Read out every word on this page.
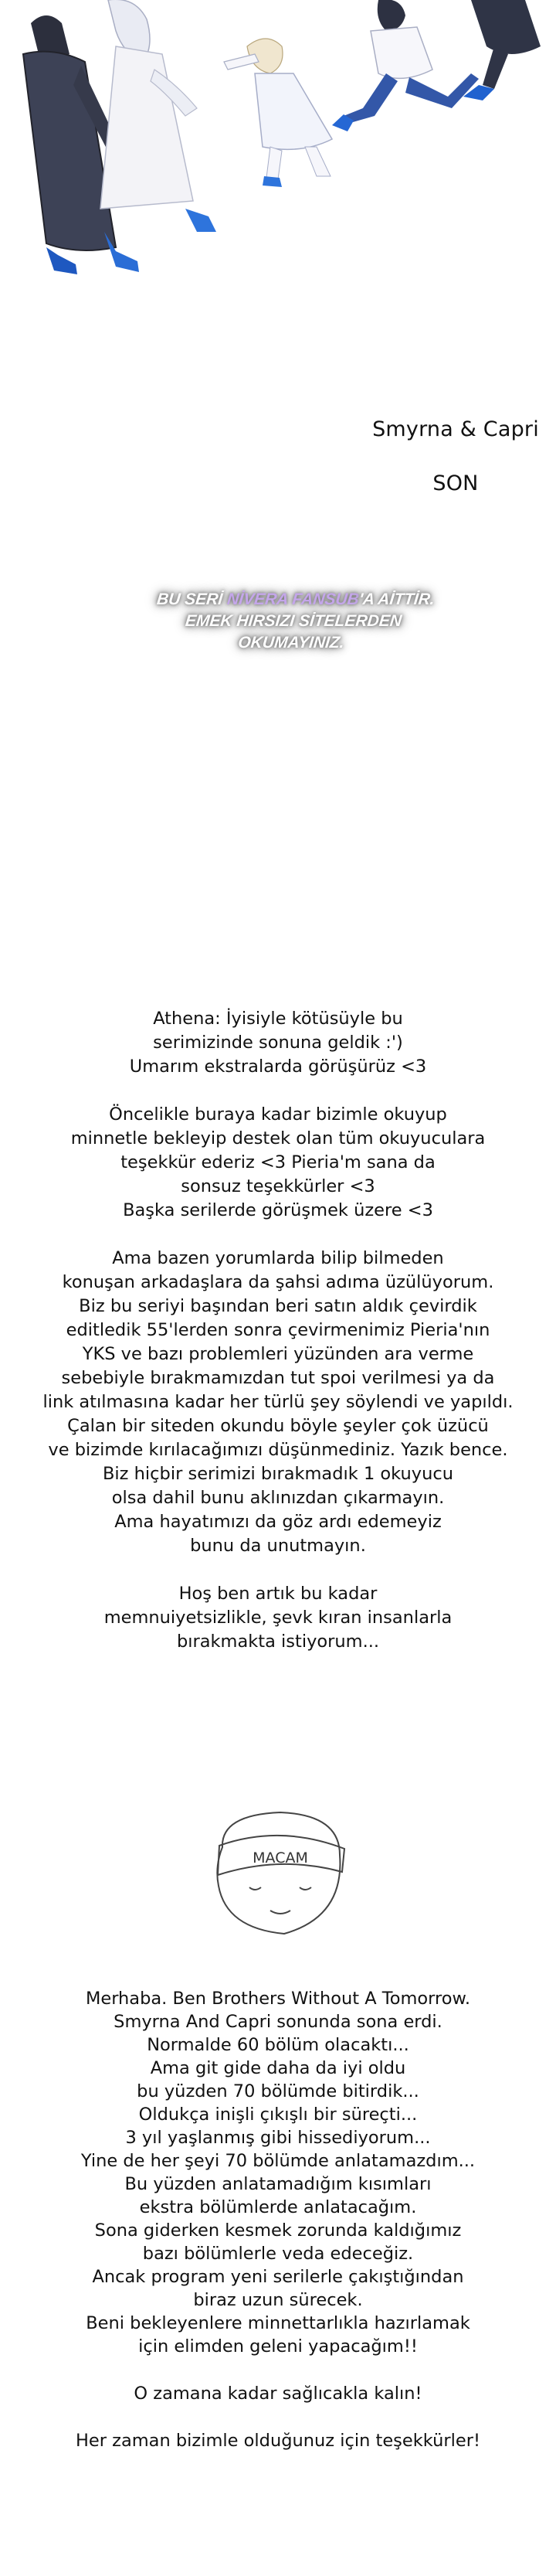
Smyrna & Capri
SON
BU SERİ NİVERA FANSUB'A AİTTİR.
EMEK HIRSIZI SİTELERDEN OKUMAYINIZ.

Athena: İyisiyle kötüsüyle bu

serimizinde sonuna geldik :')

Umarım ekstralarda görüşürüz <3

Öncelikle buraya kadar bizimle okuyup

minnetle bekleyip destek olan tüm okuyuculara

teşekkür ederiz <3 Pieria'm sana da

sonsuz teşekkürler <3

Başka serilerde görüşmek üzere <3

Ama bazen yorumlarda bilip bilmeden

konuşan arkadaşlara da şahsi adıma üzülüyorum.

Biz bu seriyi başından beri satın aldık çevirdik

editledik 55'lerden sonra çevirmenimiz Pieria'nın

YKS ve bazı problemleri yüzünden ara verme

sebebiyle bırakmamızdan tut spoi verilmesi ya da

link atılmasına kadar her türlü şey söylendi ve yapıldı.

Çalan bir siteden okundu böyle şeyler çok üzücü

ve bizimde kırılacağımızı düşünmediniz. Yazık bence.

Biz hiçbir serimizi bırakmadık 1 okuyucu

olsa dahil bunu aklınızdan çıkarmayın.

Ama hayatımızı da göz ardı edemeyiz

bunu da unutmayın.

Hoş ben artık bu kadar

memnuiyetsizlikle, şevk kıran insanlarla

bırakmakta istiyorum...

MACAM

Merhaba. Ben Brothers Without A Tomorrow.

Smyrna And Capri sonunda sona erdi.

Normalde 60 bölüm olacaktı...

Ama git gide daha da iyi oldu

bu yüzden 70 bölümde bitirdik...

Oldukça inişli çıkışlı bir süreçti...

3 yıl yaşlanmış gibi hissediyorum...

Yine de her şeyi 70 bölümde anlatamazdım...

Bu yüzden anlatamadığım kısımları

ekstra bölümlerde anlatacağım.

Sona giderken kesmek zorunda kaldığımız

bazı bölümlerle veda edeceğiz.

Ancak program yeni serilerle çakıştığından

biraz uzun sürecek.

Beni bekleyenlere minnettarlıkla hazırlamak

için elimden geleni yapacağım!!

O zamana kadar sağlıcakla kalın!

Her zaman bizimle olduğunuz için teşekkürler!
